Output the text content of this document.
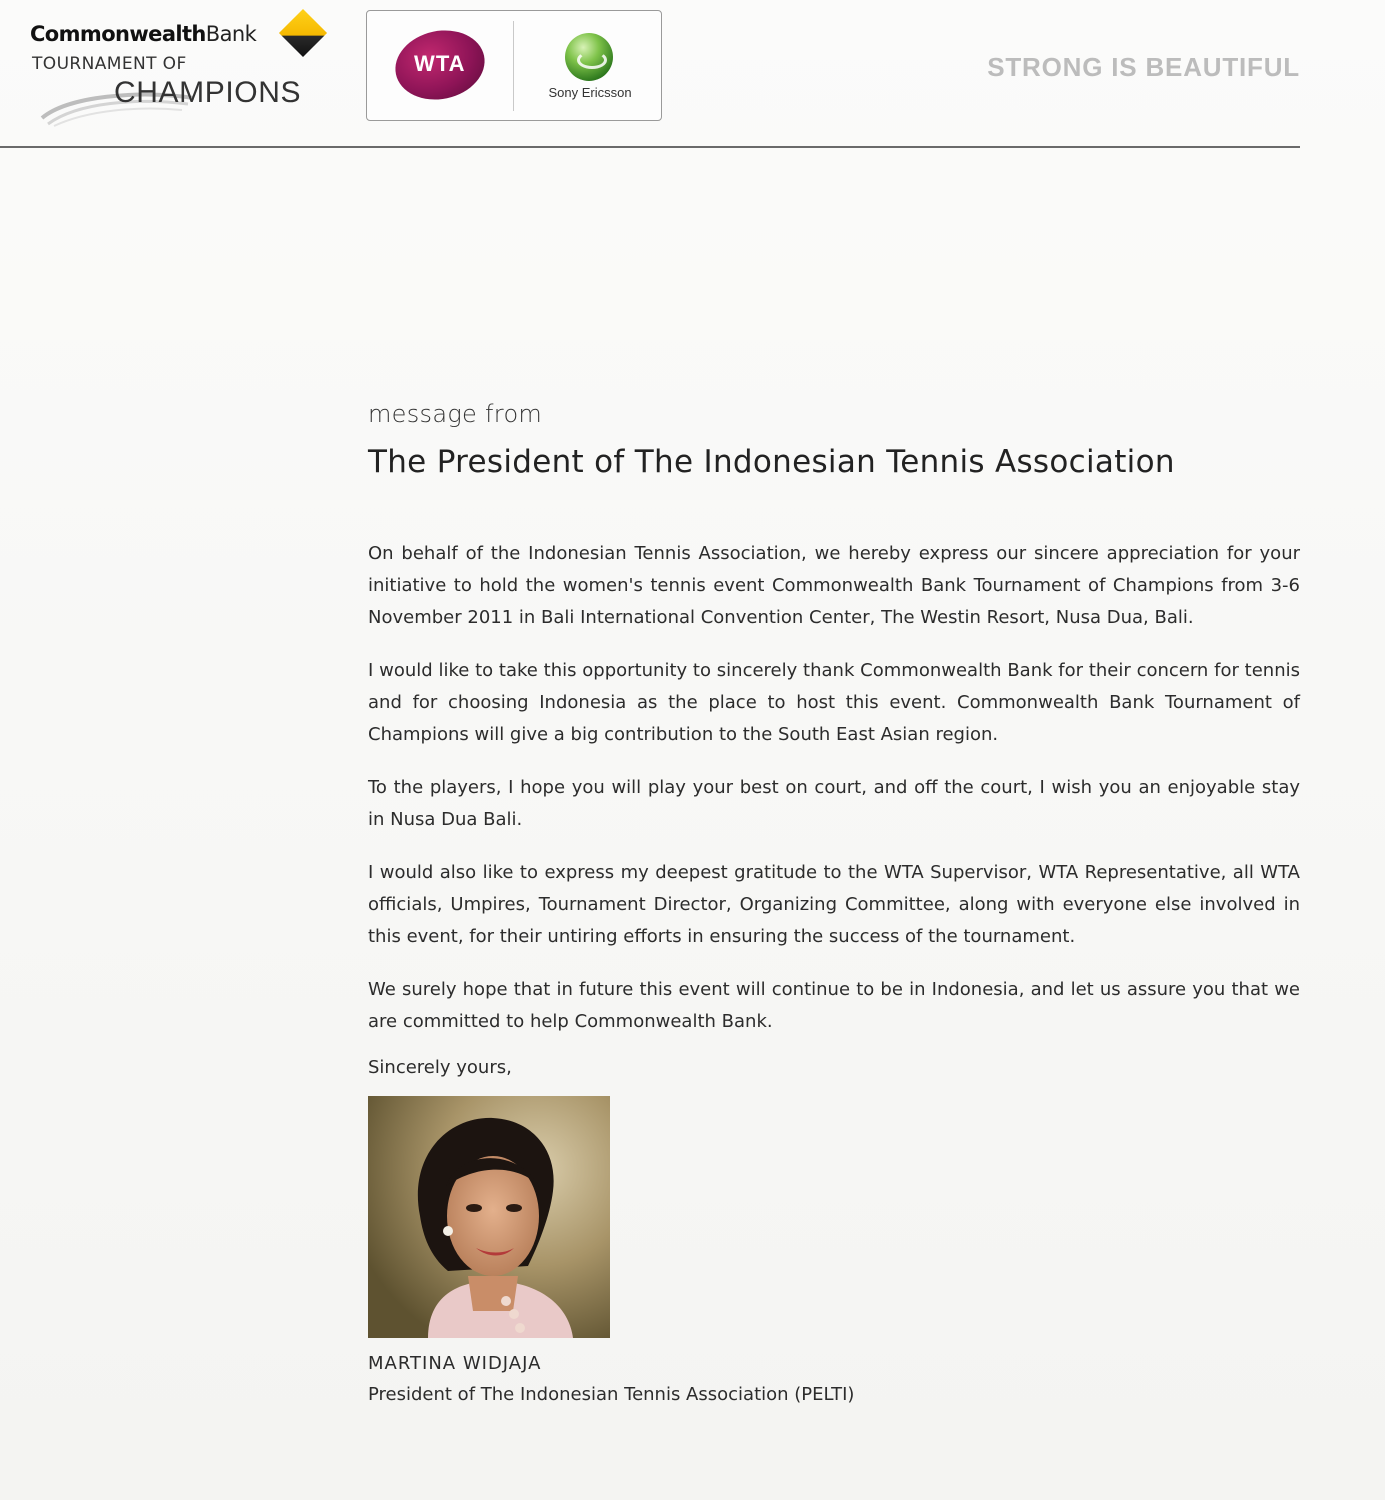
CommonwealthBank
TOURNAMENT OF
CHAMPIONS
WTA
Sony Ericsson
STRONG IS BEAUTIFUL
message from
The President of The Indonesian Tennis Association

On behalf of the Indonesian Tennis Association, we hereby express our sincere appreciation for your initiative to hold the women's tennis event Commonwealth Bank Tournament of Champions from 3-6 November 2011 in Bali International Convention Center, The Westin Resort, Nusa Dua, Bali.

I would like to take this opportunity to sincerely thank Commonwealth Bank for their concern for tennis and for choosing Indonesia as the place to host this event. Commonwealth Bank Tournament of Champions will give a big contribution to the South East Asian region.

To the players, I hope you will play your best on court, and off the court, I wish you an enjoyable stay in Nusa Dua Bali.

I would also like to express my deepest gratitude to the WTA Supervisor, WTA Representative, all WTA officials, Umpires, Tournament Director, Organizing Committee, along with everyone else involved in this event, for their untiring efforts in ensuring the success of the tournament.

We surely hope that in future this event will continue to be in Indonesia, and let us assure you that we are committed to help Commonwealth Bank.

Sincerely yours,
MARTINA WIDJAJA
President of The Indonesian Tennis Association (PELTI)
